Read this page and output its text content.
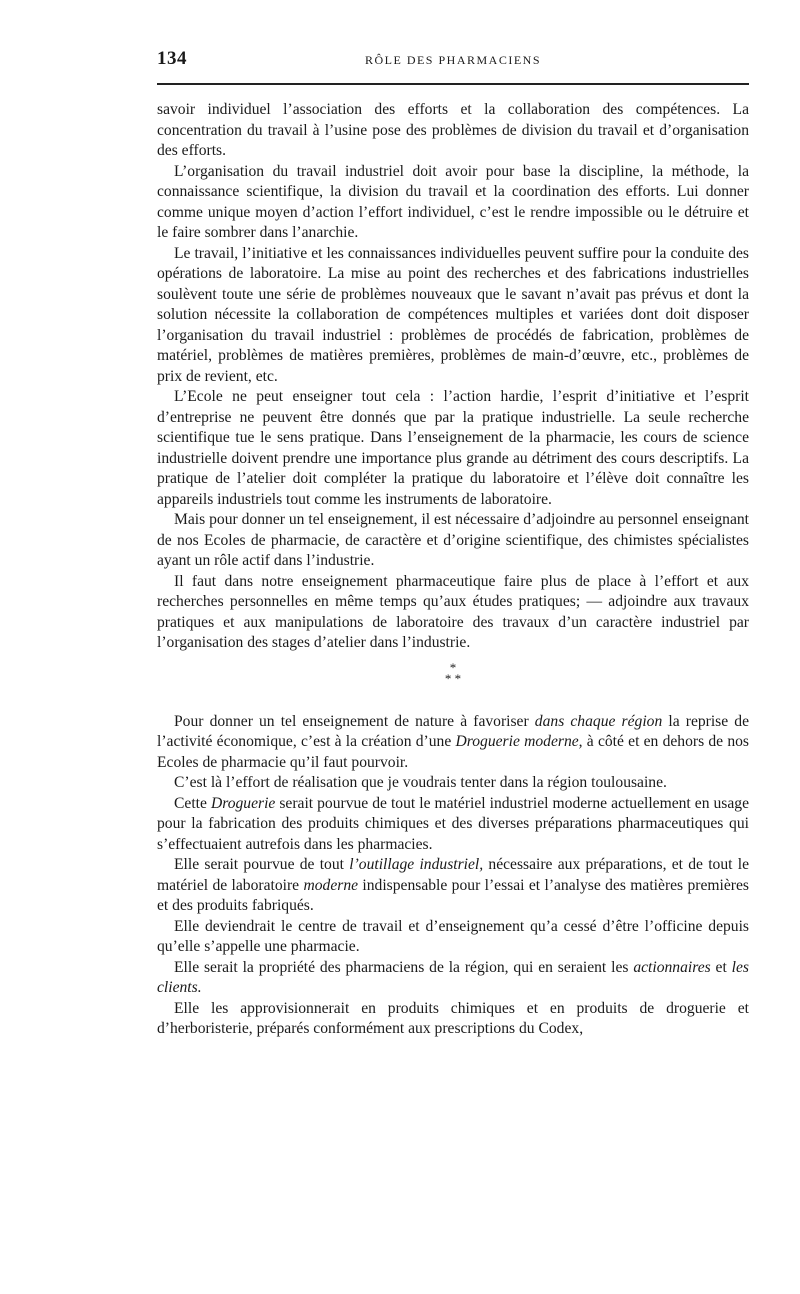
134	RÔLE DES PHARMACIENS

savoir individuel l’association des efforts et la collaboration des compétences. La concentration du travail à l’usine pose des problèmes de division du travail et d’organisation des efforts.

L’organisation du travail industriel doit avoir pour base la discipline, la méthode, la connaissance scientifique, la division du travail et la coordination des efforts. Lui donner comme unique moyen d’action l’effort individuel, c’est le rendre impossible ou le détruire et le faire sombrer dans l’anarchie.

Le travail, l’initiative et les connaissances individuelles peuvent suffire pour la conduite des opérations de laboratoire. La mise au point des recherches et des fabrications industrielles soulèvent toute une série de problèmes nouveaux que le savant n’avait pas prévus et dont la solution nécessite la collaboration de compétences multiples et variées dont doit disposer l’organisation du travail industriel : problèmes de procédés de fabrication, problèmes de matériel, problèmes de matières premières, problèmes de main-d’œuvre, etc., problèmes de prix de revient, etc.

L’Ecole ne peut enseigner tout cela : l’action hardie, l’esprit d’initiative et l’esprit d’entreprise ne peuvent être donnés que par la pratique industrielle. La seule recherche scientifique tue le sens pratique. Dans l’enseignement de la pharmacie, les cours de science industrielle doivent prendre une importance plus grande au détriment des cours descriptifs. La pratique de l’atelier doit compléter la pratique du laboratoire et l’élève doit connaître les appareils industriels tout comme les instruments de laboratoire.

Mais pour donner un tel enseignement, il est nécessaire d’adjoindre au personnel enseignant de nos Ecoles de pharmacie, de caractère et d’origine scientifique, des chimistes spécialistes ayant un rôle actif dans l’industrie.

Il faut dans notre enseignement pharmaceutique faire plus de place à l’effort et aux recherches personnelles en même temps qu’aux études pratiques; — adjoindre aux travaux pratiques et aux manipulations de laboratoire des travaux d’un caractère industriel par l’organisation des stages d’atelier dans l’industrie.

*
* *

Pour donner un tel enseignement de nature à favoriser dans chaque région la reprise de l’activité économique, c’est à la création d’une Droguerie moderne, à côté et en dehors de nos Ecoles de pharmacie qu’il faut pourvoir.

C’est là l’effort de réalisation que je voudrais tenter dans la région toulousaine.

Cette Droguerie serait pourvue de tout le matériel industriel moderne actuellement en usage pour la fabrication des produits chimiques et des diverses préparations pharmaceutiques qui s’effectuaient autrefois dans les pharmacies.

Elle serait pourvue de tout l’outillage industriel, nécessaire aux préparations, et de tout le matériel de laboratoire moderne indispensable pour l’essai et l’analyse des matières premières et des produits fabriqués.

Elle deviendrait le centre de travail et d’enseignement qu’a cessé d’être l’officine depuis qu’elle s’appelle une pharmacie.

Elle serait la propriété des pharmaciens de la région, qui en seraient les actionnaires et les clients.

Elle les approvisionnerait en produits chimiques et en produits de droguerie et d’herboristerie, préparés conformément aux prescriptions du Codex,
